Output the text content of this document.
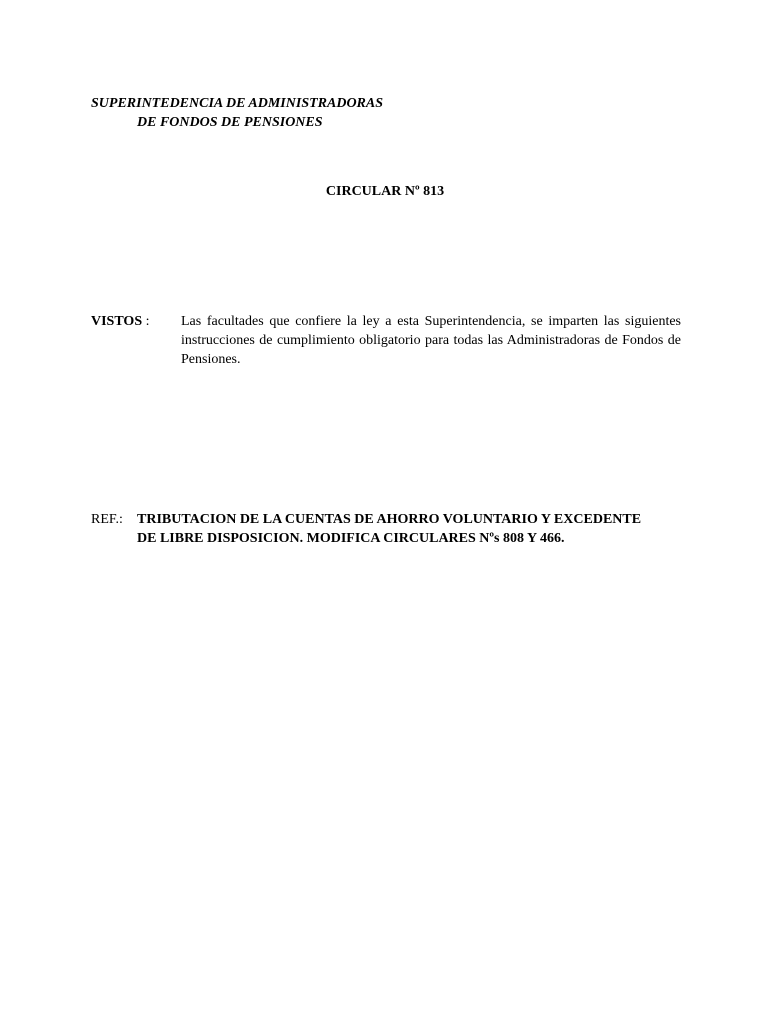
SUPERINTEDENCIA DE ADMINISTRADORAS
DE FONDOS DE PENSIONES
CIRCULAR Nº 813
VISTOS : Las facultades que confiere la ley a esta Superintendencia, se imparten las siguientes instrucciones de cumplimiento obligatorio para todas las Administradoras de Fondos de Pensiones.
REF.: TRIBUTACION DE LA CUENTAS DE AHORRO VOLUNTARIO Y EXCEDENTE
DE LIBRE DISPOSICION. MODIFICA CIRCULARES Nºs 808 Y 466.
